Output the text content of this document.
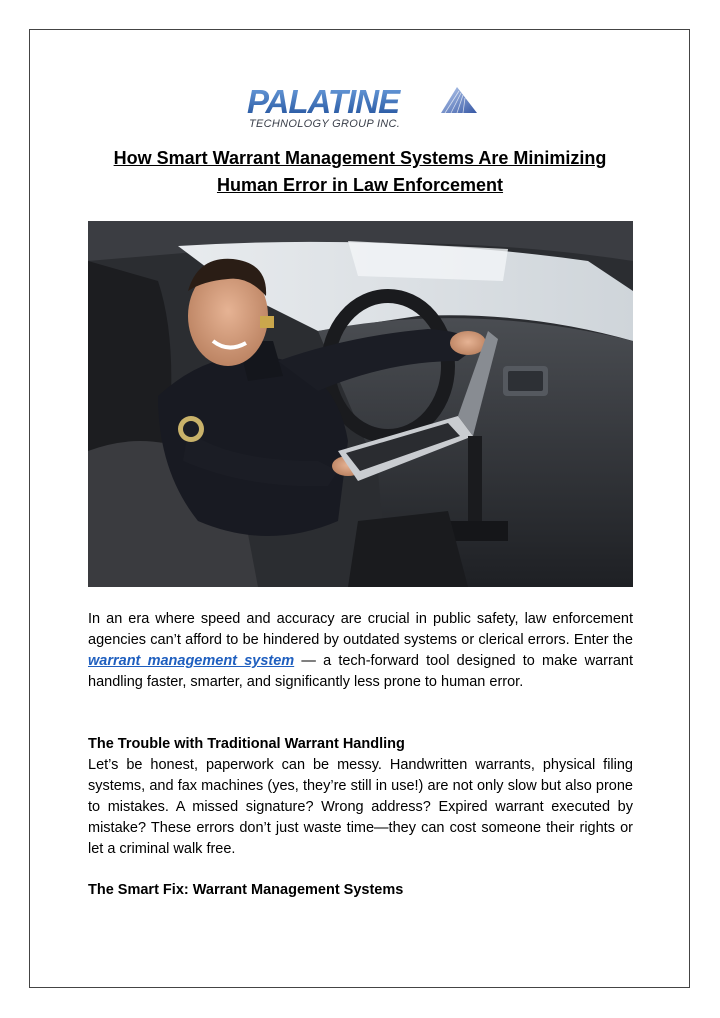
PALATINE
TECHNOLOGY GROUP INC.
How Smart Warrant Management Systems Are Minimizing
Human Error in Law Enforcement
In an era where speed and accuracy are crucial in public safety, law enforcement agencies can’t afford to be hindered by outdated systems or clerical errors. Enter the warrant management system — a tech-forward tool designed to make warrant handling faster, smarter, and significantly less prone to human error.
The Trouble with Traditional Warrant Handling
Let’s be honest, paperwork can be messy. Handwritten warrants, physical filing systems, and fax machines (yes, they’re still in use!) are not only slow but also prone to mistakes. A missed signature? Wrong address? Expired warrant executed by mistake? These errors don’t just waste time—they can cost someone their rights or let a criminal walk free.
The Smart Fix: Warrant Management Systems
